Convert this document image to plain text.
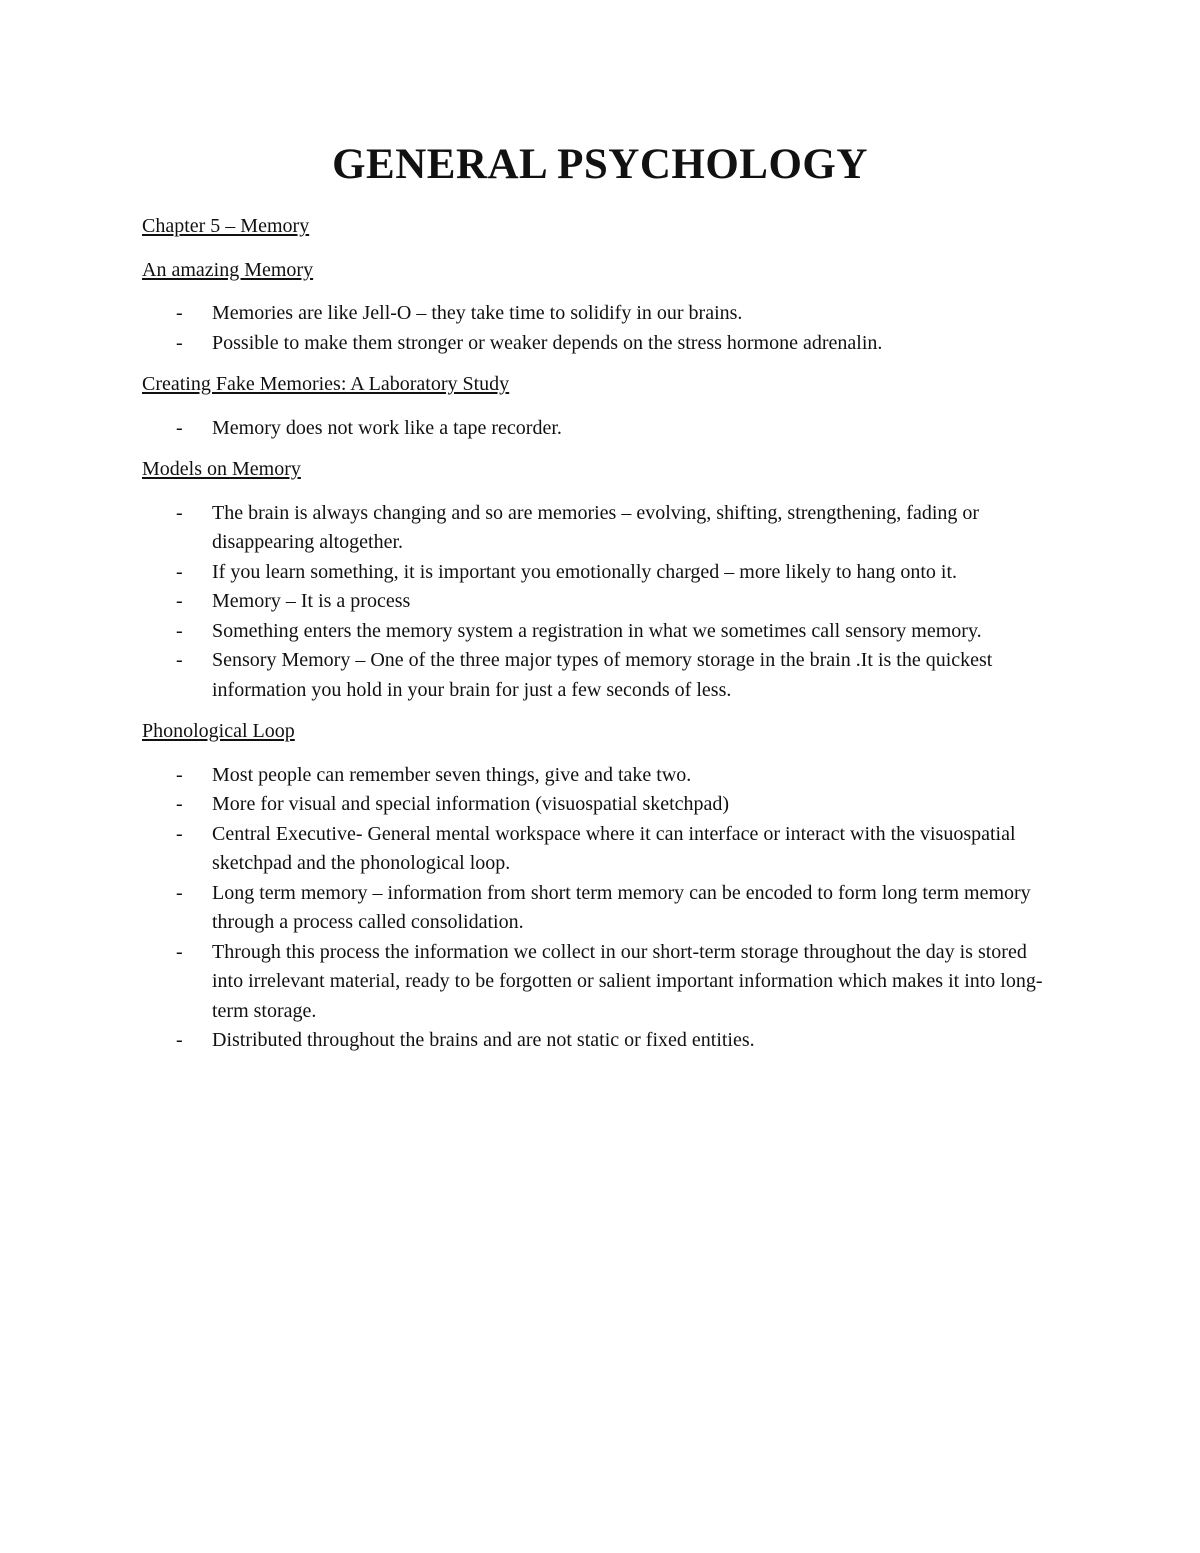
GENERAL PSYCHOLOGY

Chapter 5 – Memory

An amazing Memory

- Memories are like Jell-O – they take time to solidify in our brains.
- Possible to make them stronger or weaker depends on the stress hormone adrenalin.

Creating Fake Memories: A Laboratory Study

- Memory does not work like a tape recorder.

Models on Memory

- The brain is always changing and so are memories – evolving, shifting, strengthening, fading or disappearing altogether.
- If you learn something, it is important you emotionally charged – more likely to hang onto it.
- Memory – It is a process
- Something enters the memory system a registration in what we sometimes call sensory memory.
- Sensory Memory – One of the three major types of memory storage in the brain .It is the quickest information you hold in your brain for just a few seconds of less.

Phonological Loop

- Most people can remember seven things, give and take two.
- More for visual and special information (visuospatial sketchpad)
- Central Executive- General mental workspace where it can interface or interact with the visuospatial sketchpad and the phonological loop.
- Long term memory – information from short term memory can be encoded to form long term memory through a process called consolidation.
- Through this process the information we collect in our short-term storage throughout the day is stored into irrelevant material, ready to be forgotten or salient important information which makes it into long-term storage.
- Distributed throughout the brains and are not static or fixed entities.
